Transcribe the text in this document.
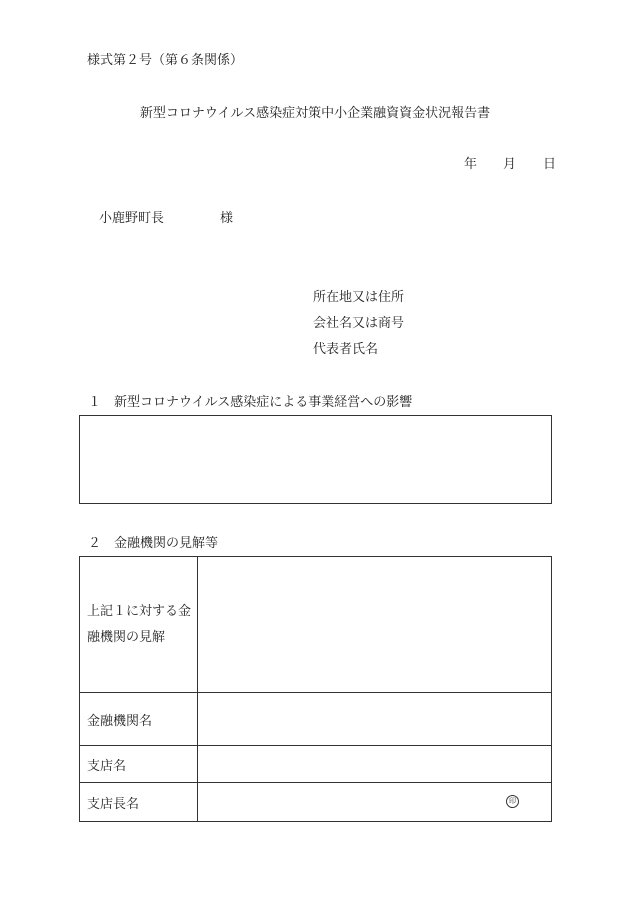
様式第２号（第６条関係）
新型コロナウイルス感染症対策中小企業融資資金状況報告書
年 月 日
小鹿野町長	様
所在地又は住所
会社名又は商号
代表者氏名
１　新型コロナウイルス感染症による事業経営への影響
２　金融機関の見解等
上記１に対する金
融機関の見解	
金融機関名	
支店名	
支店長名	印
